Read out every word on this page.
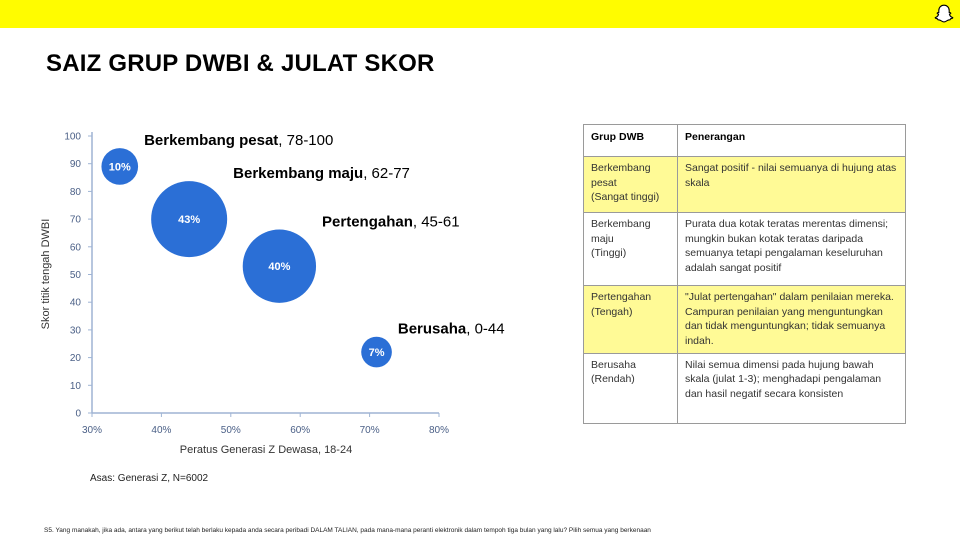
SAIZ GRUP DWBI & JULAT SKOR
0
10
20
30
40
50
60
70
80
90
100
30%	40%	50%	60%	70%	80%
Peratus Generasi Z Dewasa, 18-24
Skor titik tengah DWBI
10%
Berkembang pesat, 78-100
43%
Berkembang maju, 62-77
40%
Pertengahan, 45-61
7%
Berusaha, 0-44
Asas: Generasi Z, N=6002
Grup DWB	Penerangan
Berkembang
pesat
(Sangat tinggi)	Sangat positif - nilai semuanya di hujung atas skala
Berkembang
maju
(Tinggi)	Purata dua kotak teratas merentas dimensi; mungkin bukan kotak teratas daripada semuanya tetapi pengalaman keseluruhan adalah sangat positif
Pertengahan
(Tengah)	"Julat pertengahan" dalam penilaian mereka. Campuran penilaian yang menguntungkan dan tidak menguntungkan; tidak semuanya indah.
Berusaha
(Rendah)	Nilai semua dimensi pada hujung bawah skala (julat 1-3); menghadapi pengalaman dan hasil negatif secara konsisten
S5. Yang manakah, jika ada, antara yang berikut telah berlaku kepada anda secara peribadi DALAM TALIAN, pada mana-mana peranti elektronik dalam tempoh tiga bulan yang lalu? Pilih semua yang berkenaan
